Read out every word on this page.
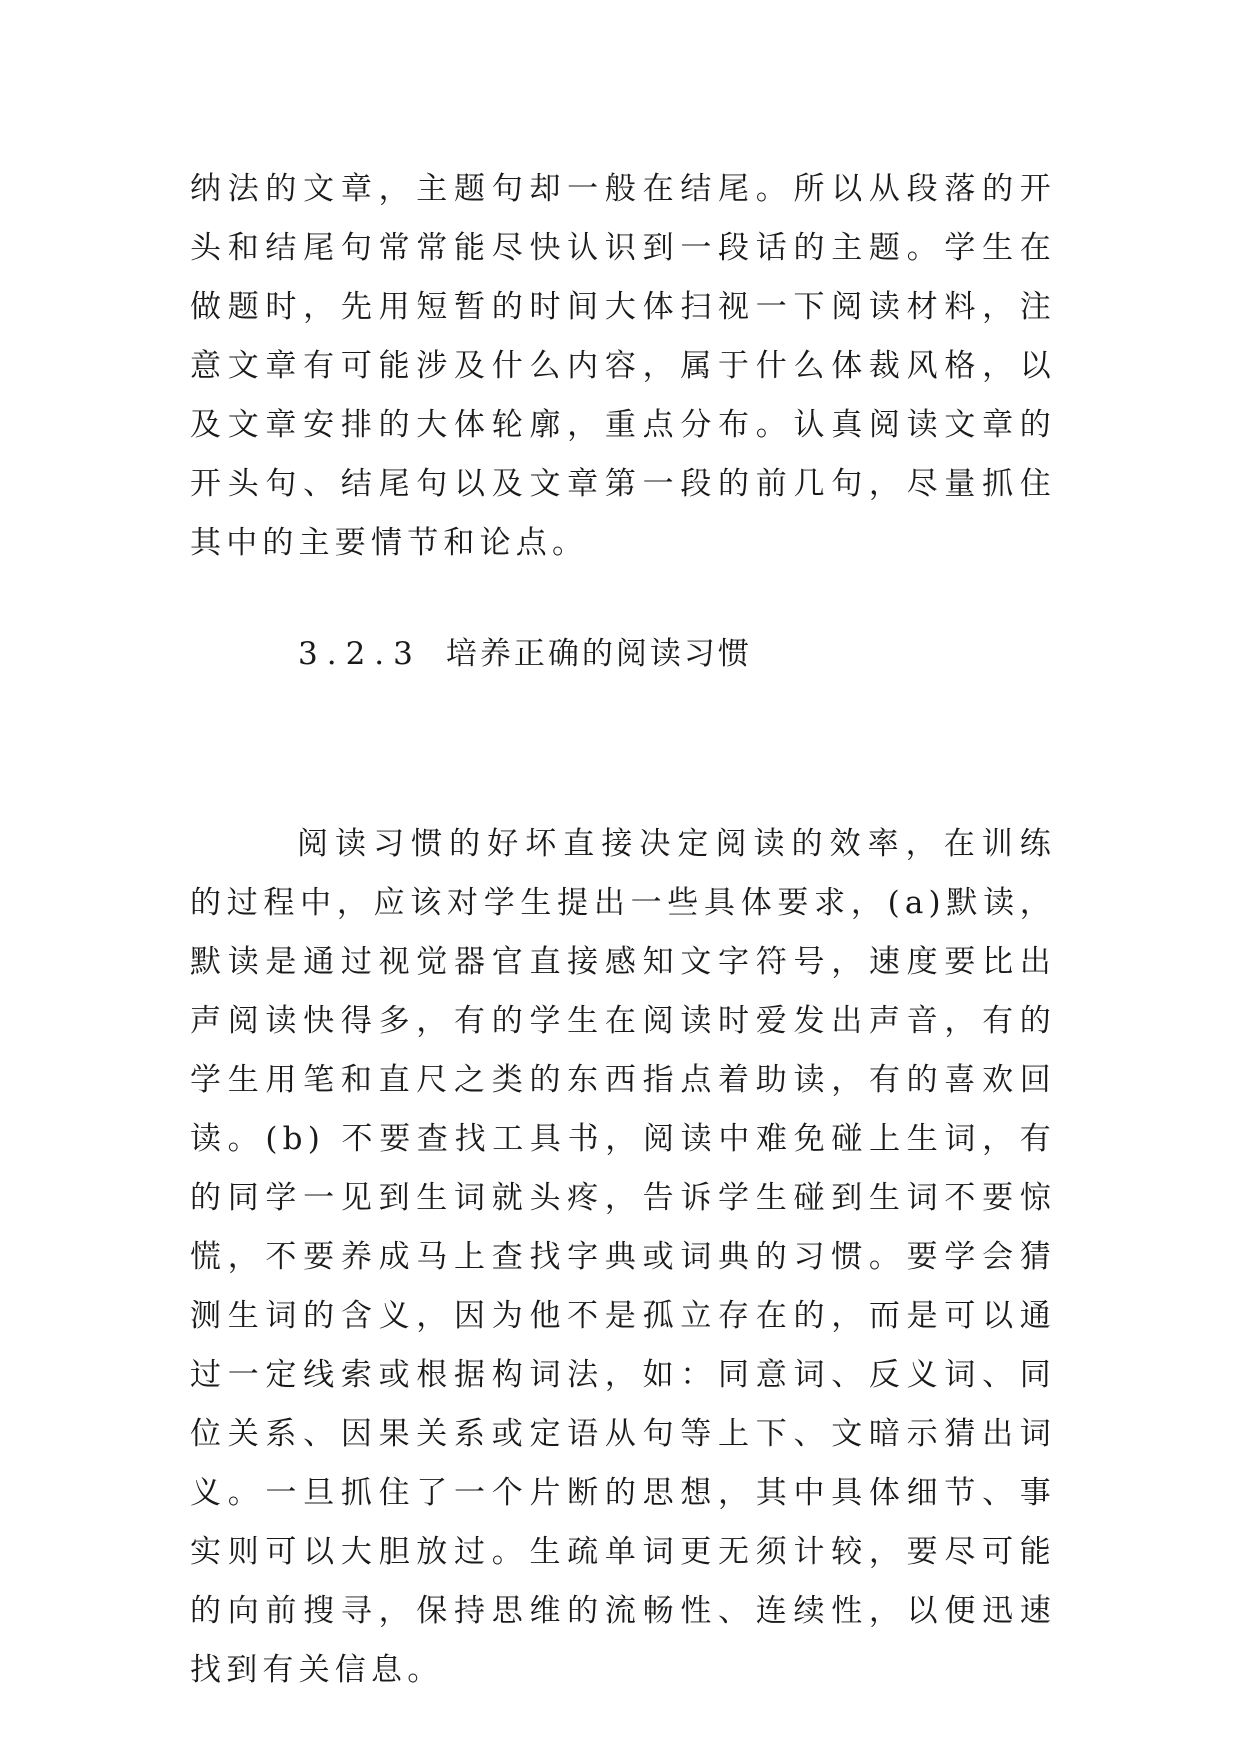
纳法的文章，主题句却一般在结尾。所以从段落的开头和结尾句常常能尽快认识到一段话的主题。学生在做题时，先用短暂的时间大体扫视一下阅读材料，注意文章有可能涉及什么内容，属于什么体裁风格，以及文章安排的大体轮廓，重点分布。认真阅读文章的开头句、结尾句以及文章第一段的前几句，尽量抓住其中的主要情节和论点。

3.2.3 培养正确的阅读习惯

阅读习惯的好坏直接决定阅读的效率，在训练的过程中，应该对学生提出一些具体要求，(a)默读，默读是通过视觉器官直接感知文字符号，速度要比出声阅读快得多，有的学生在阅读时爱发出声音，有的学生用笔和直尺之类的东西指点着助读，有的喜欢回读。(b) 不要查找工具书，阅读中难免碰上生词，有的同学一见到生词就头疼，告诉学生碰到生词不要惊慌，不要养成马上查找字典或词典的习惯。要学会猜测生词的含义，因为他不是孤立存在的，而是可以通过一定线索或根据构词法，如：同意词、反义词、同位关系、因果关系或定语从句等上下、文暗示猜出词义。一旦抓住了一个片断的思想，其中具体细节、事实则可以大胆放过。生疏单词更无须计较，要尽可能的向前搜寻，保持思维的流畅性、连续性，以便迅速找到有关信息。
